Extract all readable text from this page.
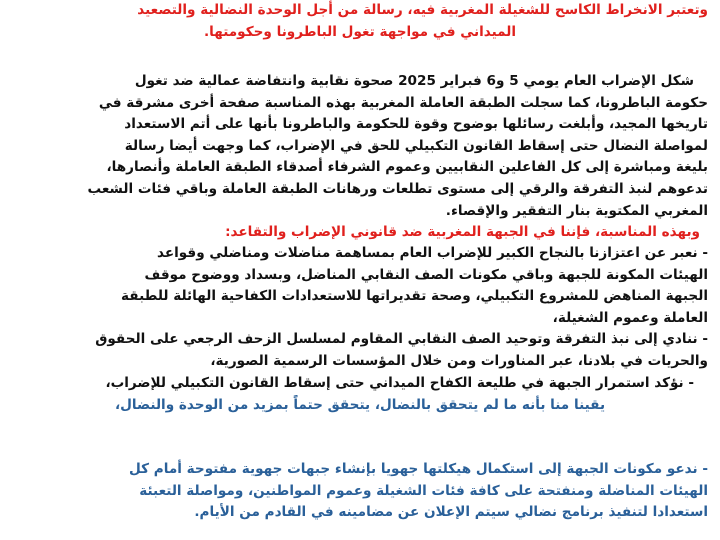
وتعتبر الانخراط الكاسح للشغيلة المغربية فيه، رسالة من أجل الوحدة النضالية والتصعيد
الميداني في مواجهة تغول الباطرونا وحكومتها.
شكل الإضراب العام يومي 5 و6 فبراير 2025 صحوة نقابية وانتفاضة عمالية ضد تغول
حكومة الباطرونا، كما سجلت الطبقة العاملة المغربية بهذه المناسبة صفحة أخرى مشرقة في
تاريخها المجيد، وأبلغت رسائلها بوضوح وقوة للحكومة والباطرونا بأنها على أتم الاستعداد
لمواصلة النضال حتى إسقاط القانون التكبيلي للحق في الإضراب، كما وجهت أيضا رسالة
بليغة ومباشرة إلى كل الفاعلين النقابيين وعموم الشرفاء أصدقاء الطبقة العاملة وأنصارها،
تدعوهم لنبذ التفرقة والرقي إلى مستوى تطلعات ورهانات الطبقة العاملة وباقي فئات الشعب
المغربي المكتوية بنار التفقير والإقصاء.
وبهذه المناسبة، فإننا في الجبهة المغربية ضد قانوني الإضراب والتقاعد:
- نعبر عن اعتزازنا بالنجاح الكبير للإضراب العام بمساهمة مناضلات ومناضلي وقواعد
الهيئات المكونة للجبهة وباقي مكونات الصف النقابي المناضل، وبسداد ووضوح موقف
الجبهة المناهض للمشروع التكبيلي، وصحة تقديراتها للاستعدادات الكفاحية الهائلة للطبقة
العاملة وعموم الشغيلة،
- ننادي إلى نبذ التفرقة وتوحيد الصف النقابي المقاوم لمسلسل الزحف الرجعي على الحقوق
والحريات في بلادنا، عبر المناورات ومن خلال المؤسسات الرسمية الصورية،
- نؤكد استمرار الجبهة في طليعة الكفاح الميداني حتى إسقاط القانون التكبيلي للإضراب،
يقينا منا بأنه ما لم يتحقق بالنضال، يتحقق حتماً بمزيد من الوحدة والنضال،
- ندعو مكونات الجبهة إلى استكمال هيكلتها جهويا بإنشاء جبهات جهوية مفتوحة أمام كل
الهيئات المناضلة ومنفتحة على كافة فئات الشغيلة وعموم المواطنين، ومواصلة التعبئة
استعدادا لتنفيذ برنامج نضالي سيتم الإعلان عن مضامينه في القادم من الأيام.
